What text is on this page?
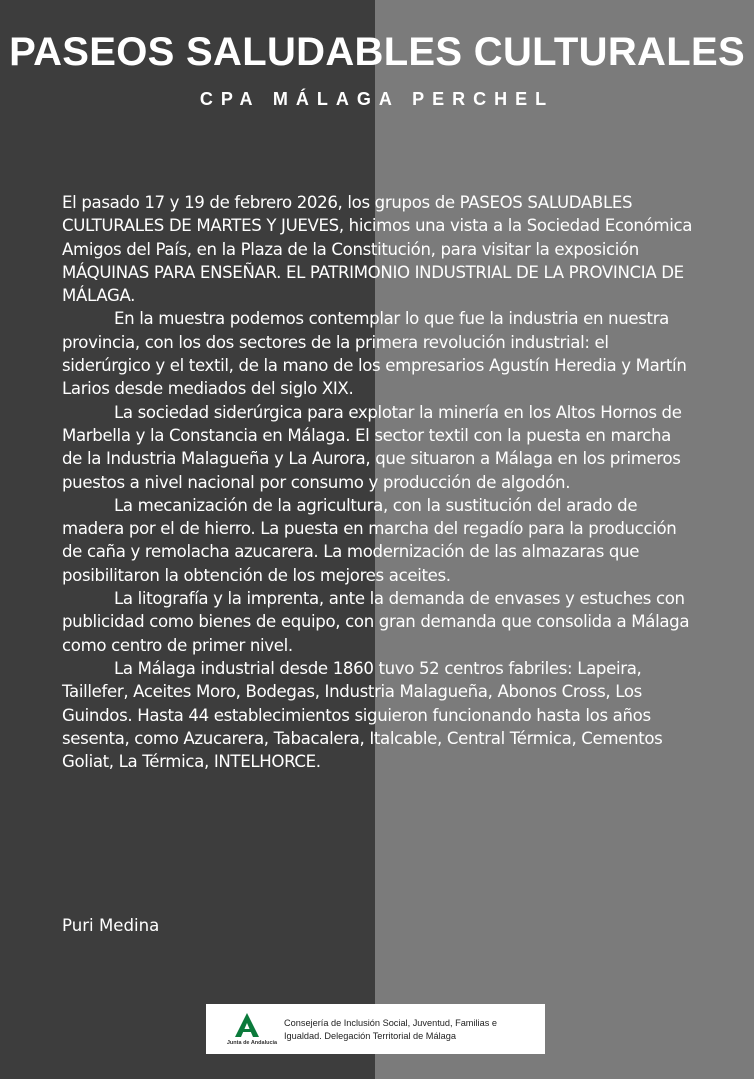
PASEOS SALUDABLES CULTURALES
CPA MÁLAGA PERCHEL

El pasado 17 y 19 de febrero 2026, los grupos de PASEOS SALUDABLES CULTURALES DE MARTES Y JUEVES, hicimos una vista a la Sociedad Económica Amigos del País, en la Plaza de la Constitución, para visitar la exposición MÁQUINAS PARA ENSEÑAR. EL PATRIMONIO INDUSTRIAL DE LA PROVINCIA DE MÁLAGA.

En la muestra podemos contemplar lo que fue la industria en nuestra provincia, con los dos sectores de la primera revolución industrial: el siderúrgico y el textil, de la mano de los empresarios Agustín Heredia y Martín Larios desde mediados del siglo XIX.

La sociedad siderúrgica para explotar la minería en los Altos Hornos de Marbella y la Constancia en Málaga. El sector textil con la puesta en marcha de la Industria Malagueña y La Aurora, que situaron a Málaga en los primeros puestos a nivel nacional por consumo y producción de algodón.

La mecanización de la agricultura, con la sustitución del arado de madera por el de hierro. La puesta en marcha del regadío para la producción de caña y remolacha azucarera. La modernización de las almazaras que posibilitaron la obtención de los mejores aceites.

La litografía y la imprenta, ante la demanda de envases y estuches con publicidad como bienes de equipo, con gran demanda que consolida a Málaga como centro de primer nivel.

La Málaga industrial desde 1860 tuvo 52 centros fabriles: Lapeira, Taillefer, Aceites Moro, Bodegas, Industria Malagueña, Abonos Cross, Los Guindos. Hasta 44 establecimientos siguieron funcionando hasta los años sesenta, como Azucarera, Tabacalera, Italcable, Central Térmica, Cementos Goliat, La Térmica, INTELHORCE.

Puri Medina
Junta de Andalucía
Consejería de Inclusión Social, Juventud, Familias e
Igualdad. Delegación Territorial de Málaga
